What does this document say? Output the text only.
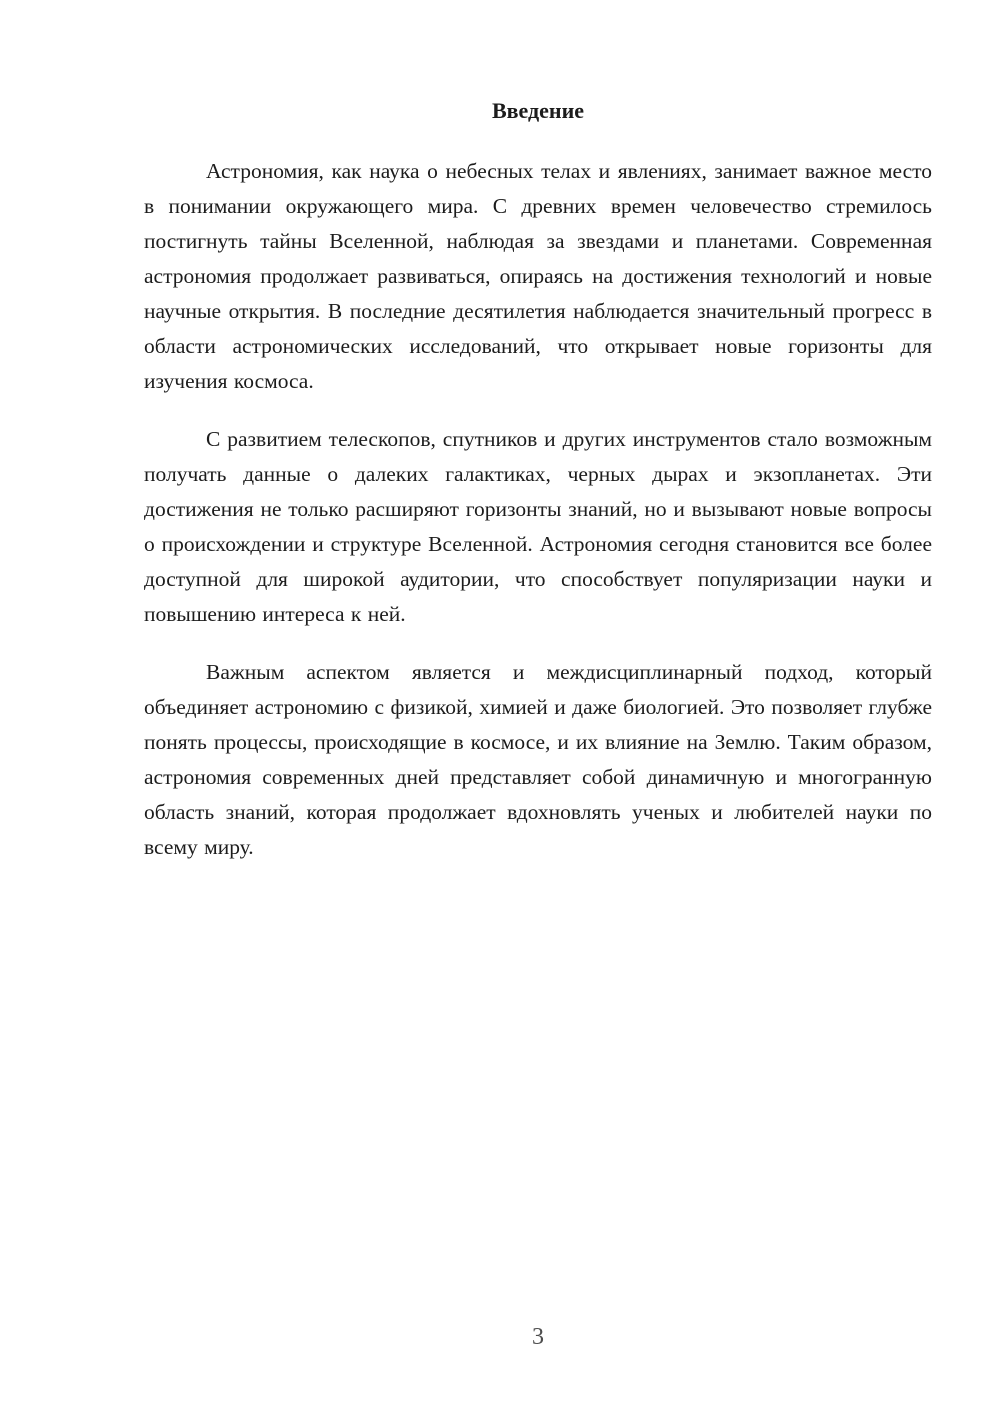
Введение

Астрономия, как наука о небесных телах и явлениях, занимает важное место в понимании окружающего мира. С древних времен человечество стремилось постигнуть тайны Вселенной, наблюдая за звездами и планетами. Современная астрономия продолжает развиваться, опираясь на достижения технологий и новые научные открытия. В последние десятилетия наблюдается значительный прогресс в области астрономических исследований, что открывает новые горизонты для изучения космоса.

С развитием телескопов, спутников и других инструментов стало возможным получать данные о далеких галактиках, черных дырах и экзопланетах. Эти достижения не только расширяют горизонты знаний, но и вызывают новые вопросы о происхождении и структуре Вселенной. Астрономия сегодня становится все более доступной для широкой аудитории, что способствует популяризации науки и повышению интереса к ней.

Важным аспектом является и междисциплинарный подход, который объединяет астрономию с физикой, химией и даже биологией. Это позволяет глубже понять процессы, происходящие в космосе, и их влияние на Землю. Таким образом, астрономия современных дней представляет собой динамичную и многогранную область знаний, которая продолжает вдохновлять ученых и любителей науки по всему миру.

3
